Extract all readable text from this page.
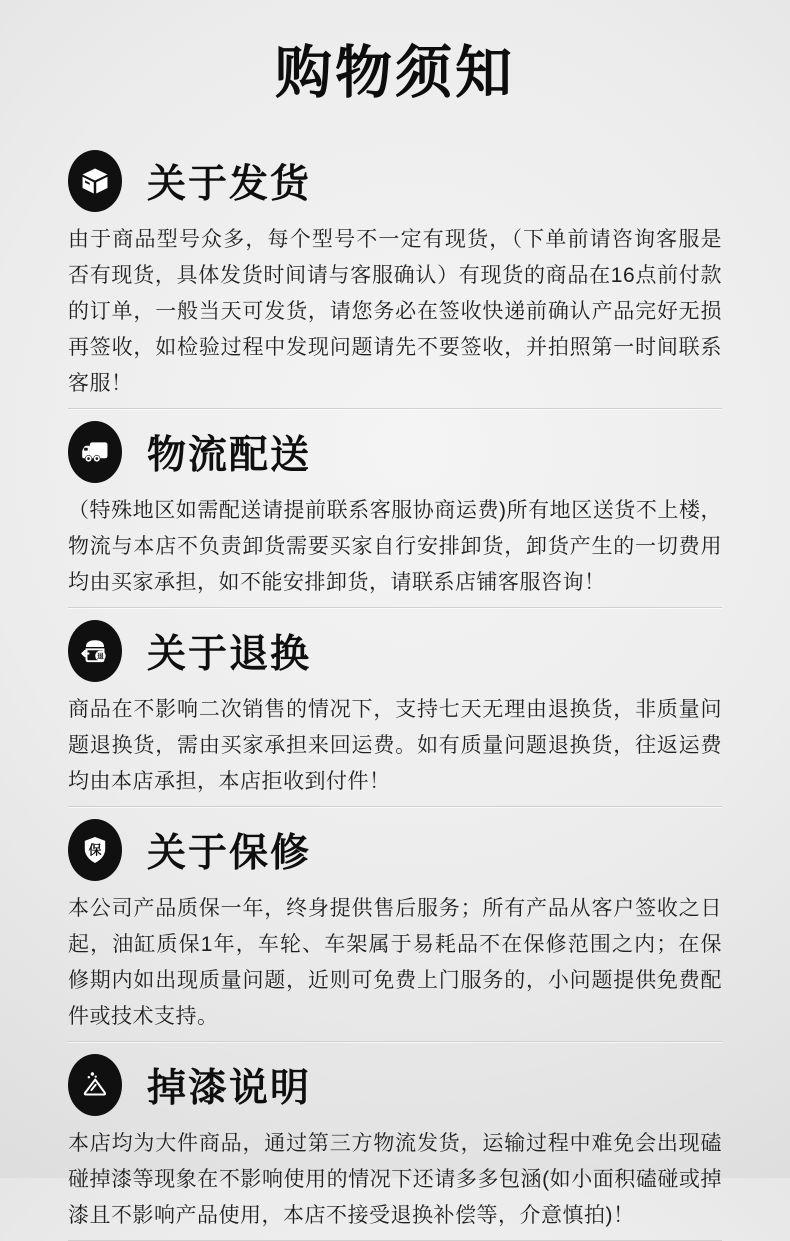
购物须知
关于发货
由于商品型号众多，每个型号不一定有现货，（下单前请咨询客服是否有现货，具体发货时间请与客服确认）有现货的商品在16点前付款的订单，一般当天可发货，请您务必在签收快递前确认产品完好无损再签收，如检验过程中发现问题请先不要签收，并拍照第一时间联系客服！
物流配送
（特殊地区如需配送请提前联系客服协商运费)所有地区送货不上楼，物流与本店不负责卸货需要买家自行安排卸货，卸货产生的一切费用均由买家承担，如不能安排卸货，请联系店铺客服咨询！
退 关于退换
商品在不影响二次销售的情况下，支持七天无理由退换货，非质量问题退换货，需由买家承担来回运费。如有质量问题退换货，往返运费均由本店承担，本店拒收到付件！
保 关于保修
本公司产品质保一年，终身提供售后服务；所有产品从客户签收之日起，油缸质保1年，车轮、车架属于易耗品不在保修范围之内；在保修期内如出现质量问题，近则可免费上门服务的，小问题提供免费配件或技术支持。
掉漆说明
本店均为大件商品，通过第三方物流发货，运输过程中难免会出现磕碰掉漆等现象在不影响使用的情况下还请多多包涵(如小面积磕碰或掉漆且不影响产品使用，本店不接受退换补偿等，介意慎拍)！
